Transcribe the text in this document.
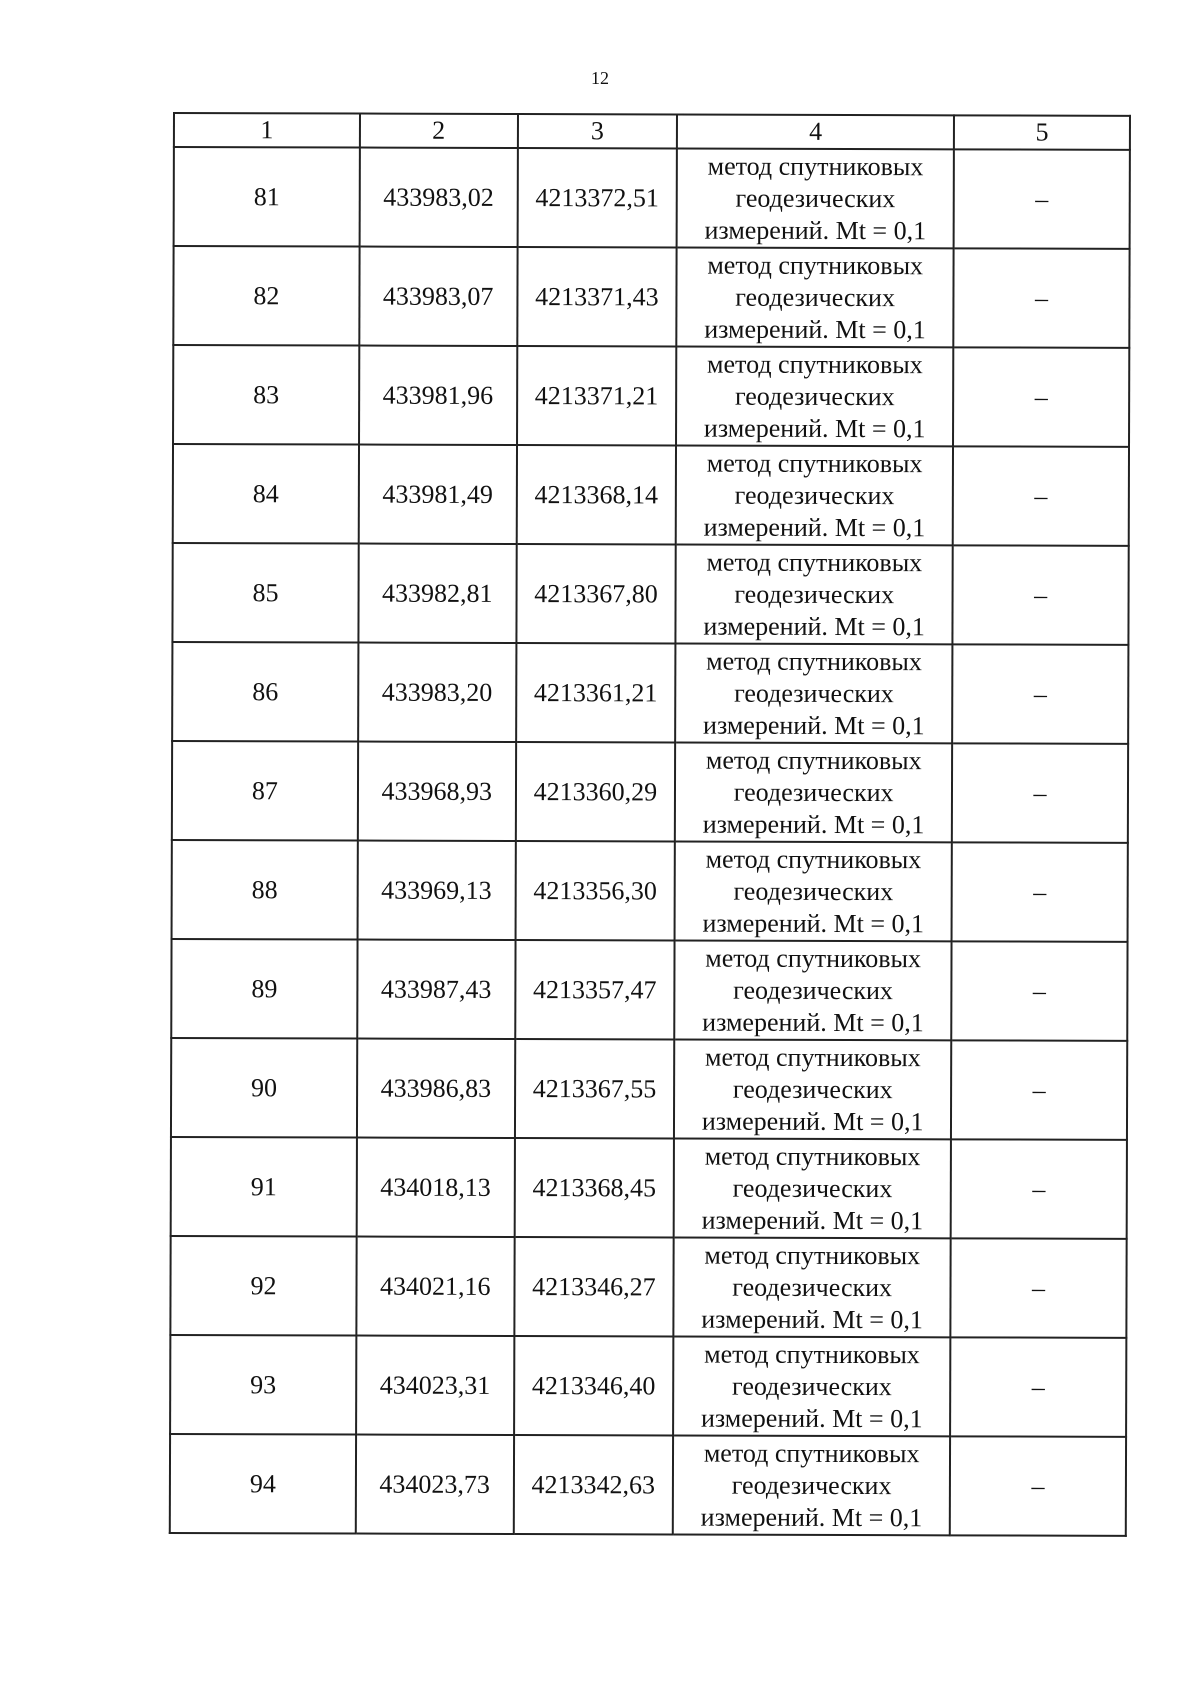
12
1	2	3	4	5
81	433983,02	4213372,51	метод спутниковых
геодезических
измерений. Mt = 0,1	–
82	433983,07	4213371,43	метод спутниковых
геодезических
измерений. Mt = 0,1	–
83	433981,96	4213371,21	метод спутниковых
геодезических
измерений. Mt = 0,1	–
84	433981,49	4213368,14	метод спутниковых
геодезических
измерений. Mt = 0,1	–
85	433982,81	4213367,80	метод спутниковых
геодезических
измерений. Mt = 0,1	–
86	433983,20	4213361,21	метод спутниковых
геодезических
измерений. Mt = 0,1	–
87	433968,93	4213360,29	метод спутниковых
геодезических
измерений. Mt = 0,1	–
88	433969,13	4213356,30	метод спутниковых
геодезических
измерений. Mt = 0,1	–
89	433987,43	4213357,47	метод спутниковых
геодезических
измерений. Mt = 0,1	–
90	433986,83	4213367,55	метод спутниковых
геодезических
измерений. Mt = 0,1	–
91	434018,13	4213368,45	метод спутниковых
геодезических
измерений. Mt = 0,1	–
92	434021,16	4213346,27	метод спутниковых
геодезических
измерений. Mt = 0,1	–
93	434023,31	4213346,40	метод спутниковых
геодезических
измерений. Mt = 0,1	–
94	434023,73	4213342,63	метод спутниковых
геодезических
измерений. Mt = 0,1	–
